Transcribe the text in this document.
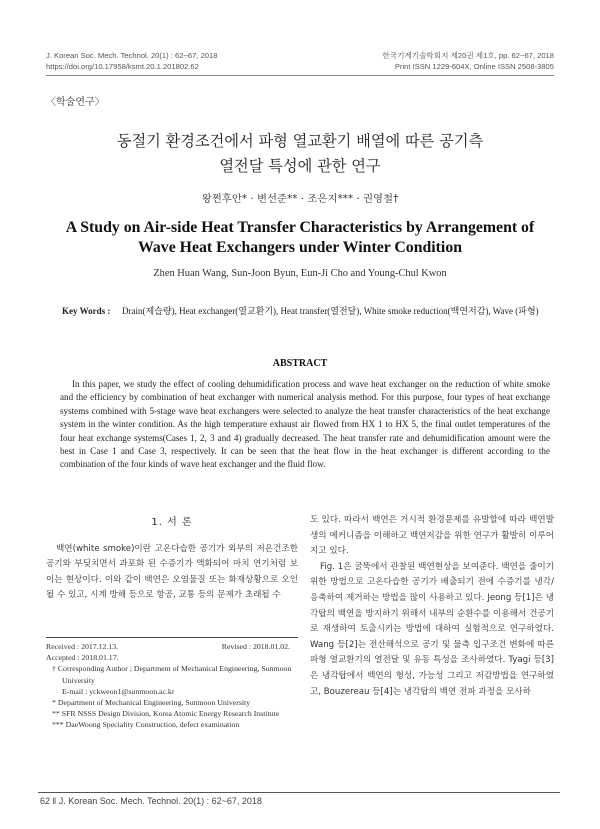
J. Korean Soc. Mech. Technol. 20(1) : 62~67, 2018
https://doi.org/10.17958/ksmt.20.1.201802.62
한국기계기술학회지 제20권 제1호, pp. 62~67, 2018
Print ISSN 1229-604X, Online ISSN 2508-3805
〈학술연구〉
동절기 환경조건에서 파형 열교환기 배열에 따른 공기측
열전달 특성에 관한 연구
왕쩐후안* · 변선준** · 조은지*** · 권영철†
A Study on Air-side Heat Transfer Characteristics by Arrangement of
Wave Heat Exchangers under Winter Condition
Zhen Huan Wang, Sun-Joon Byun, Eun-Ji Cho and Young-Chul Kwon
Key Words :	Drain(제습량), Heat exchanger(열교환기), Heat transfer(열전달), White smoke reduction(백연저감), Wave (파형)
ABSTRACT

In this paper, we study the effect of cooling dehumidification process and wave heat exchanger on the reduction of white smoke and the efficiency by combination of heat exchanger with numerical analysis method. For this purpose, four types of heat exchange systems combined with 5-stage wave heat exchangers were selected to analyze the heat transfer characteristics of the heat exchange system in the winter condition. As the high temperature exhaust air flowed from HX 1 to HX 5, the final outlet temperatures of the four heat exchange systems(Cases 1, 2, 3 and 4) gradually decreased. The heat transfer rate and dehumidification amount were the best in Case 1 and Case 3, respectively. It can be seen that the heat flow in the heat exchanger is different according to the combination of the four kinds of wave heat exchanger and the fluid flow.

1. 서 론

백연(white smoke)이란 고온다습한 공기가 외부의 저온건조한 공기와 부딪치면서 과포화 된 수증기가 액화되어 마치 연기처럼 보이는 현상이다. 이와 같이 백연은 오염물질 또는 화재상황으로 오인될 수 있고, 시계 방해 등으로 항공, 교통 등의 문제가 초래될 수

도 있다. 따라서 백연은 거시적 환경문제를 유발할에 따라 백연발생의 메커니즘을 이해하고 백연저감을 위한 연구가 활발히 이루어지고 있다.

Fig. 1은 굴뚝에서 관찰된 백연현상을 보여준다. 백연을 줄이기 위한 방법으로 고온다습한 공기가 배출되기 전에 수증기를 냉각/응축하여 제거하는 방법을 많이 사용하고 있다. Jeong 등[1]은 냉각탑의 백연을 방지하기 위해서 내부의 순환수를 이용해서 건공기로 재생하여 토출시키는 방법에 대하여 실험적으로 연구하였다. Wang 등[2]는 전산해석으로 공기 및 물측 입구조건 변화에 따른 파형 열교환기의 열전달 및 유동 특성을 조사하였다. Tyagi 등[3]은 냉각탑에서 백연의 형성, 가능성 그리고 저감방법을 연구하였고, Bouzereau 등[4]는 냉각탑의 백연 전파 과정을 모사하

Received : 2017.12.13.	Revised : 2018.01.02.
Accepted : 2018.01.17.
† Corresponding Author ; Department of Mechanical Engineering, Sunmoon University
E-mail : yckweon1@sunmoon.ac.kr
* Department of Mechanical Engineering, Sunmoon University
** SFR NSSS Design Division, Korea Atomic Energy Research Institute
*** DaeWoong Speciality Construction, defect examination
62 ‖ J. Korean Soc. Mech. Technol. 20(1) : 62~67, 2018
